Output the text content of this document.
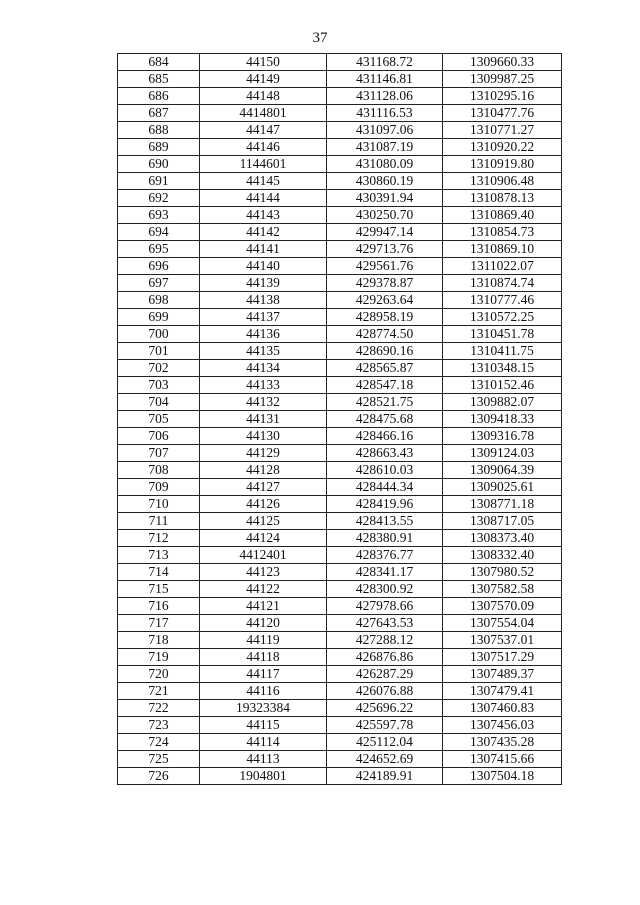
37
684	44150	431168.72	1309660.33
685	44149	431146.81	1309987.25
686	44148	431128.06	1310295.16
687	4414801	431116.53	1310477.76
688	44147	431097.06	1310771.27
689	44146	431087.19	1310920.22
690	1144601	431080.09	1310919.80
691	44145	430860.19	1310906.48
692	44144	430391.94	1310878.13
693	44143	430250.70	1310869.40
694	44142	429947.14	1310854.73
695	44141	429713.76	1310869.10
696	44140	429561.76	1311022.07
697	44139	429378.87	1310874.74
698	44138	429263.64	1310777.46
699	44137	428958.19	1310572.25
700	44136	428774.50	1310451.78
701	44135	428690.16	1310411.75
702	44134	428565.87	1310348.15
703	44133	428547.18	1310152.46
704	44132	428521.75	1309882.07
705	44131	428475.68	1309418.33
706	44130	428466.16	1309316.78
707	44129	428663.43	1309124.03
708	44128	428610.03	1309064.39
709	44127	428444.34	1309025.61
710	44126	428419.96	1308771.18
711	44125	428413.55	1308717.05
712	44124	428380.91	1308373.40
713	4412401	428376.77	1308332.40
714	44123	428341.17	1307980.52
715	44122	428300.92	1307582.58
716	44121	427978.66	1307570.09
717	44120	427643.53	1307554.04
718	44119	427288.12	1307537.01
719	44118	426876.86	1307517.29
720	44117	426287.29	1307489.37
721	44116	426076.88	1307479.41
722	19323384	425696.22	1307460.83
723	44115	425597.78	1307456.03
724	44114	425112.04	1307435.28
725	44113	424652.69	1307415.66
726	1904801	424189.91	1307504.18
